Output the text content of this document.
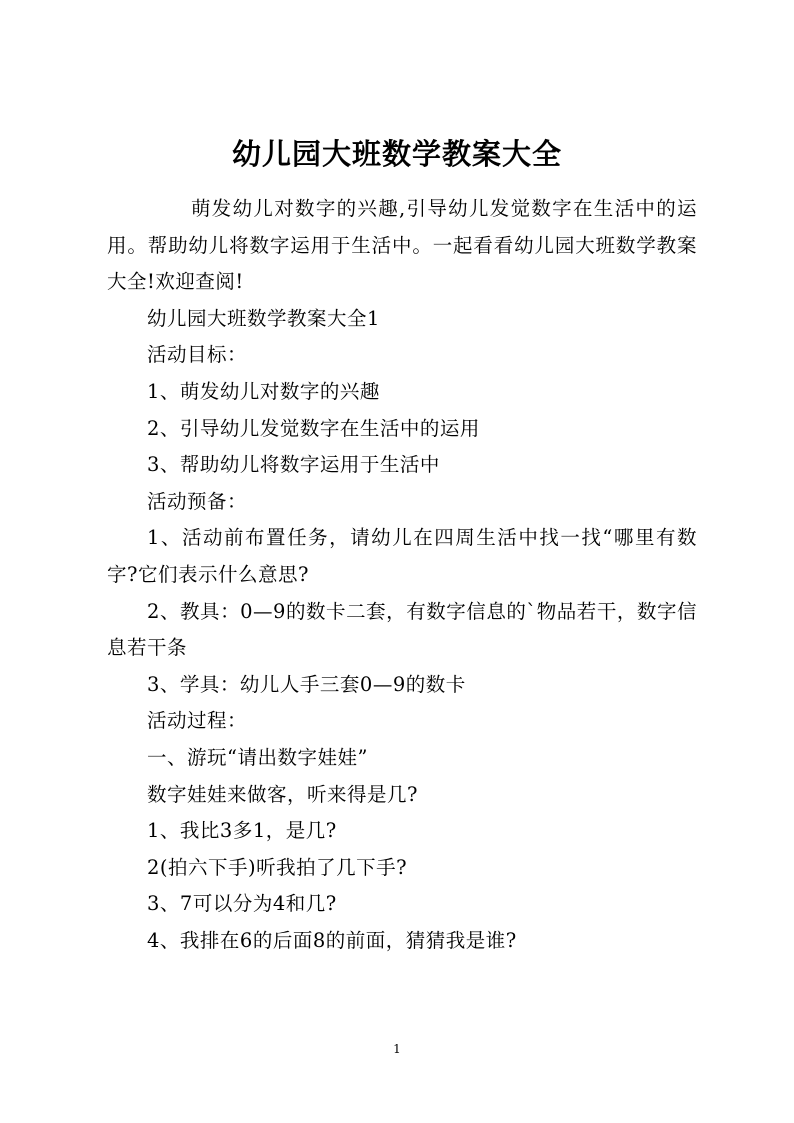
幼儿园大班数学教案大全

萌发幼儿对数字的兴趣,引导幼儿发觉数字在生活中的运用。帮助幼儿将数字运用于生活中。一起看看幼儿园大班数学教案大全!欢迎查阅!

幼儿园大班数学教案大全1

活动目标：

1、萌发幼儿对数字的兴趣

2、引导幼儿发觉数字在生活中的运用

3、帮助幼儿将数字运用于生活中

活动预备：

1、活动前布置任务，请幼儿在四周生活中找一找“哪里有数字?它们表示什么意思?

2、教具：0—9的数卡二套，有数字信息的`物品若干，数字信息若干条

3、学具：幼儿人手三套0—9的数卡

活动过程：

一、游玩“请出数字娃娃”

数字娃娃来做客，听来得是几?

1、我比3多1，是几?

2(拍六下手)听我拍了几下手?

3、7可以分为4和几?

4、我排在6的后面8的前面，猜猜我是谁?

1
